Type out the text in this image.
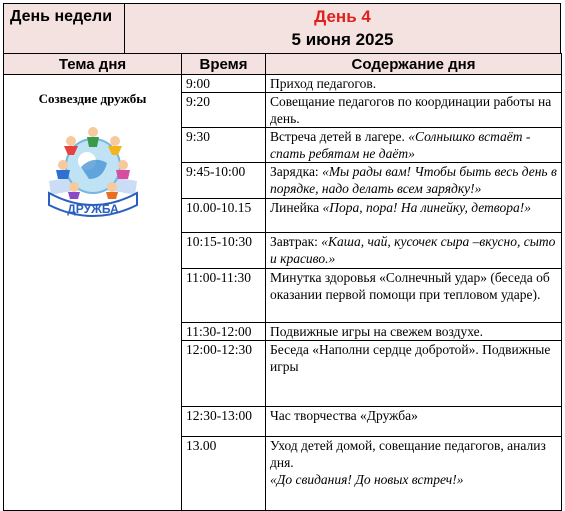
День недели	День 4
5 июня 2025
Тема дня	Время	Содержание дня

Созвездие дружбы
ДРУЖБА	9:00	Приход педагогов.
	9:20	Совещание педагогов по координации работы на день.
	9:30	Встреча детей в лагере. «Солнышко встаёт - спать ребятам не даёт»
	9:45-10:00	Зарядка: «Мы рады вам! Чтобы быть весь день в порядке, надо делать всем зарядку!»
	10.00-10.15	Линейка «Пора, пора! На линейку, детвора!»
	10:15-10:30	Завтрак: «Каша, чай, кусочек сыра –вкусно, сыто и красиво.»
	11:00-11:30	Минутка здоровья «Солнечный удар» (беседа об оказании первой помощи при тепловом ударе).
	11:30-12:00	Подвижные игры на свежем воздухе.
	12:00-12:30	Беседа «Наполни сердце добротой». Подвижные игры
	12:30-13:00	Час творчества «Дружба»
	13.00	Уход детей домой, совещание педагогов, анализ дня.
«До свидания! До новых встреч!»
